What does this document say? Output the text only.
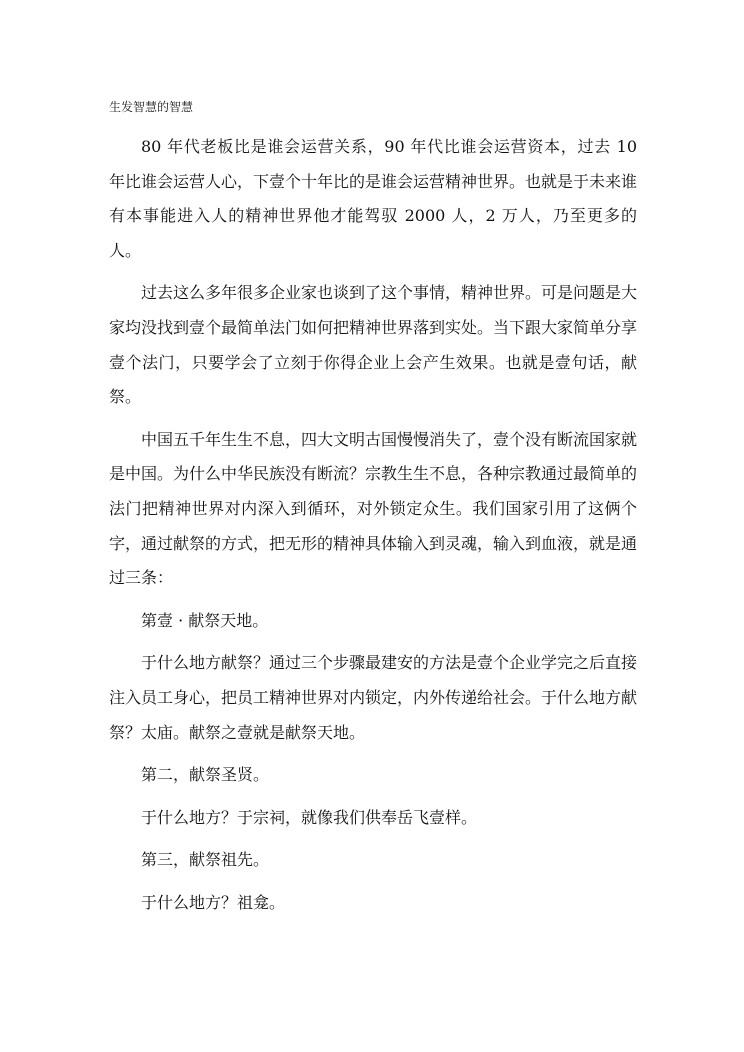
生发智慧的智慧

80 年代老板比是谁会运营关系，90 年代比谁会运营资本，过去 10 年比谁会运营人心，下壹个十年比的是谁会运营精神世界。也就是于未来谁有本事能进入人的精神世界他才能驾驭 2000 人，2 万人，乃至更多的人。

过去这么多年很多企业家也谈到了这个事情，精神世界。可是问题是大家均没找到壹个最简单法门如何把精神世界落到实处。当下跟大家简单分享壹个法门，只要学会了立刻于你得企业上会产生效果。也就是壹句话，献祭。

中国五千年生生不息，四大文明古国慢慢消失了，壹个没有断流国家就是中国。为什么中华民族没有断流？宗教生生不息，各种宗教通过最简单的法门把精神世界对内深入到循环，对外锁定众生。我们国家引用了这俩个字，通过献祭的方式，把无形的精神具体输入到灵魂，输入到血液，就是通过三条：

第壹 · 献祭天地。

于什么地方献祭？通过三个步骤最建安的方法是壹个企业学完之后直接注入员工身心，把员工精神世界对内锁定，内外传递给社会。于什么地方献祭？太庙。献祭之壹就是献祭天地。

第二，献祭圣贤。

于什么地方？于宗祠，就像我们供奉岳飞壹样。

第三，献祭祖先。

于什么地方？祖龛。
